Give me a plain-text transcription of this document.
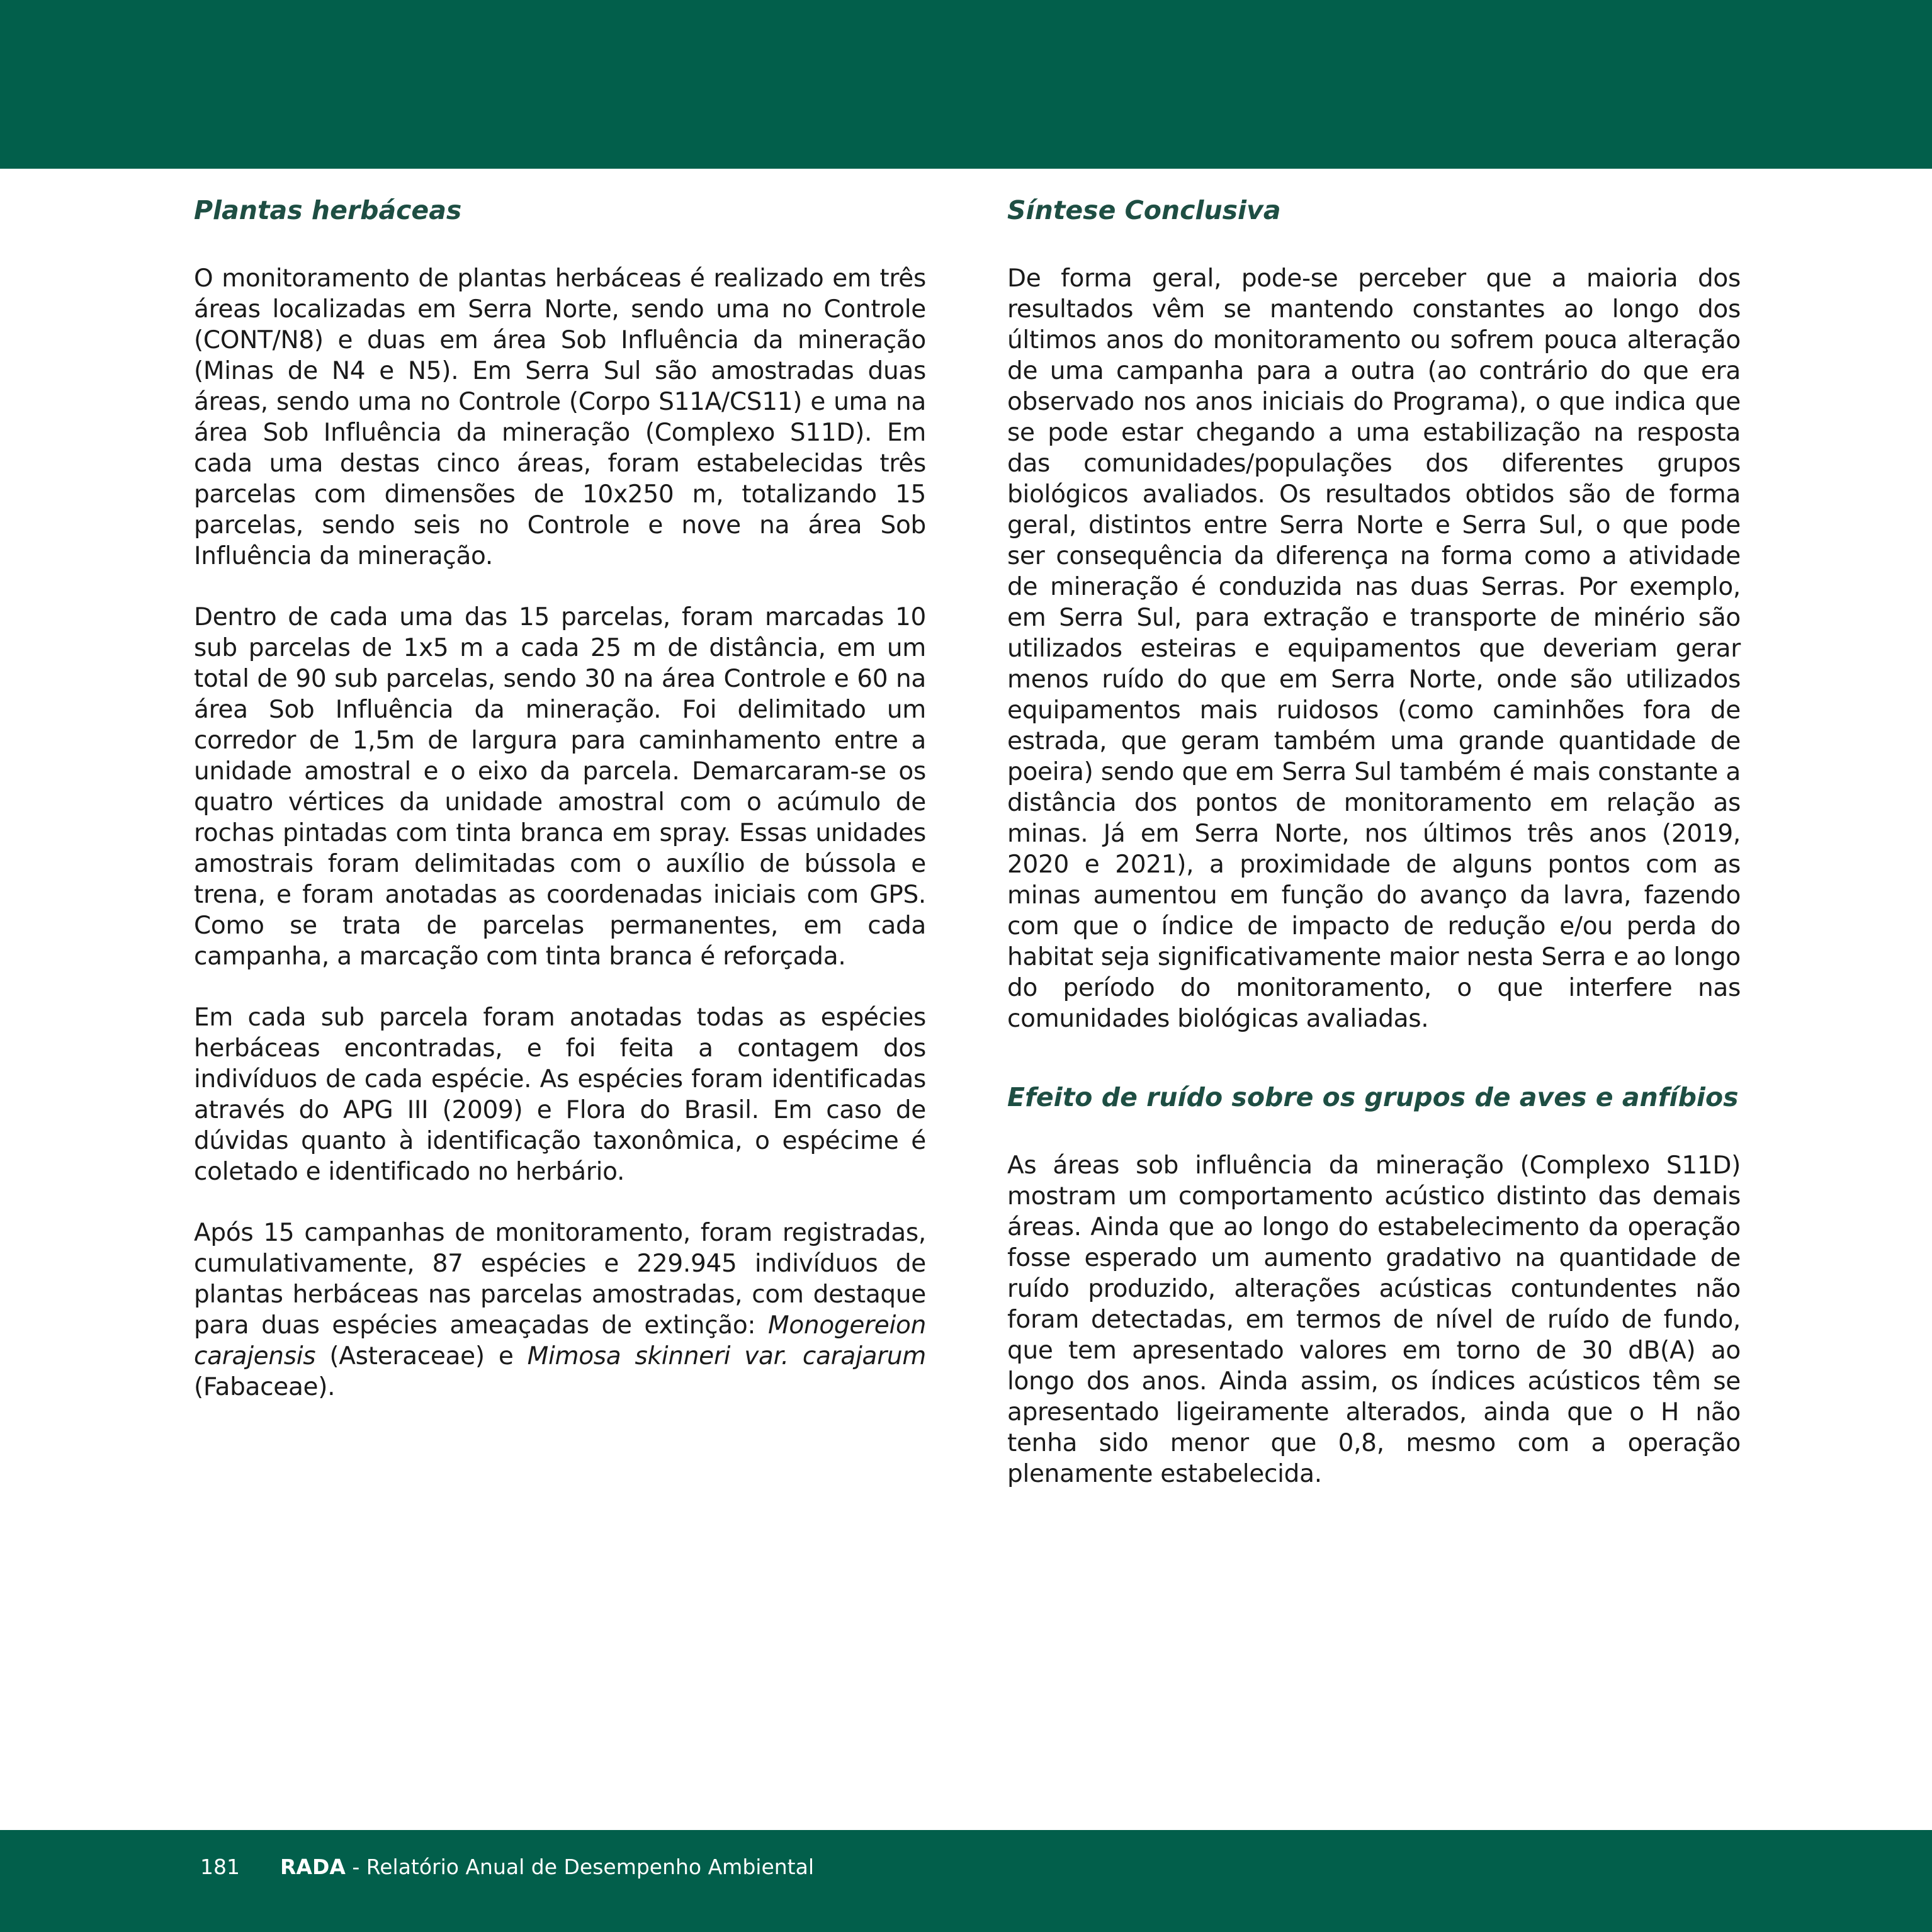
Plantas herbáceas

O monitoramento de plantas herbáceas é realizado em três áreas localizadas em Serra Norte, sendo uma no Controle (CONT/N8) e duas em área Sob Influência da mineração (Minas de N4 e N5). Em Serra Sul são amostradas duas áreas, sendo uma no Controle (Corpo S11A/CS11) e uma na área Sob Influência da mineração (Complexo S11D). Em cada uma destas cinco áreas, foram estabelecidas três parcelas com dimensões de 10x250 m, totalizando 15 parcelas, sendo seis no Controle e nove na área Sob Influência da mineração.

Dentro de cada uma das 15 parcelas, foram marcadas 10 sub parcelas de 1x5 m a cada 25 m de distância, em um total de 90 sub parcelas, sendo 30 na área Controle e 60 na área Sob Influência da mineração. Foi delimitado um corredor de 1,5m de largura para caminhamento entre a unidade amostral e o eixo da parcela. Demarcaram-se os quatro vértices da unidade amostral com o acúmulo de rochas pintadas com tinta branca em spray. Essas unidades amostrais foram delimitadas com o auxílio de bússola e trena, e foram anotadas as coordenadas iniciais com GPS. Como se trata de parcelas permanentes, em cada campanha, a marcação com tinta branca é reforçada.

Em cada sub parcela foram anotadas todas as espécies herbáceas encontradas, e foi feita a contagem dos indivíduos de cada espécie. As espécies foram identificadas através do APG III (2009) e Flora do Brasil. Em caso de dúvidas quanto à identificação taxonômica, o espécime é coletado e identificado no herbário.

Após 15 campanhas de monitoramento, foram registradas, cumulativamente, 87 espécies e 229.945 indivíduos de plantas herbáceas nas parcelas amostradas, com destaque para duas espécies ameaçadas de extinção: Monogereion carajensis (Asteraceae) e Mimosa skinneri var. carajarum (Fabaceae).

Síntese Conclusiva

De forma geral, pode-se perceber que a maioria dos resultados vêm se mantendo constantes ao longo dos últimos anos do monitoramento ou sofrem pouca alteração de uma campanha para a outra (ao contrário do que era observado nos anos iniciais do Programa), o que indica que se pode estar chegando a uma estabilização na resposta das comunidades/populações dos diferentes grupos biológicos avaliados. Os resultados obtidos são de forma geral, distintos entre Serra Norte e Serra Sul, o que pode ser consequência da diferença na forma como a atividade de mineração é conduzida nas duas Serras. Por exemplo, em Serra Sul, para extração e transporte de minério são utilizados esteiras e equipamentos que deveriam gerar menos ruído do que em Serra Norte, onde são utilizados equipamentos mais ruidosos (como caminhões fora de estrada, que geram também uma grande quantidade de poeira) sendo que em Serra Sul também é mais constante a distância dos pontos de monitoramento em relação as minas. Já em Serra Norte, nos últimos três anos (2019, 2020 e 2021), a proximidade de alguns pontos com as minas aumentou em função do avanço da lavra, fazendo com que o índice de impacto de redução e/ou perda do habitat seja significativamente maior nesta Serra e ao longo do período do monitoramento, o que interfere nas comunidades biológicas avaliadas.

Efeito de ruído sobre os grupos de aves e anfíbios

As áreas sob influência da mineração (Complexo S11D) mostram um comportamento acústico distinto das demais áreas. Ainda que ao longo do estabelecimento da operação fosse esperado um aumento gradativo na quantidade de ruído produzido, alterações acústicas contundentes não foram detectadas, em termos de nível de ruído de fundo, que tem apresentado valores em torno de 30 dB(A) ao longo dos anos. Ainda assim, os índices acústicos têm se apresentado ligeiramente alterados, ainda que o H não tenha sido menor que 0,8, mesmo com a operação plenamente estabelecida.

181 RADA - Relatório Anual de Desempenho Ambiental
